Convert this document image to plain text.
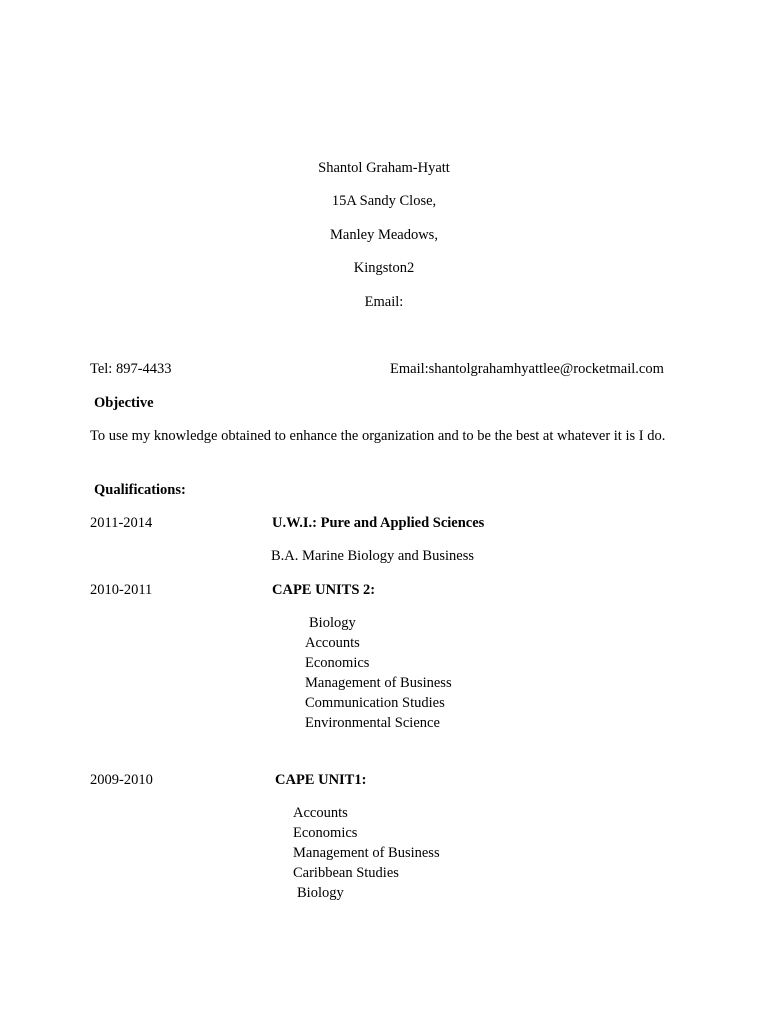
Shantol Graham-Hyatt
15A Sandy Close,
Manley Meadows,
Kingston2
Email:
Tel: 897-4433	Email:shantolgrahamhyattlee@rocketmail.com
Objective
To use my knowledge obtained to enhance the organization and to be the best at whatever it is I do.
Qualifications:
2011-2014	U.W.I.: Pure and Applied Sciences
B.A. Marine Biology and Business
2010-2011	CAPE UNITS 2:
Biology
Accounts
Economics
Management of Business
Communication Studies
Environmental Science
2009-2010	CAPE UNIT1:
Accounts
Economics
Management of Business
Caribbean Studies
Biology
